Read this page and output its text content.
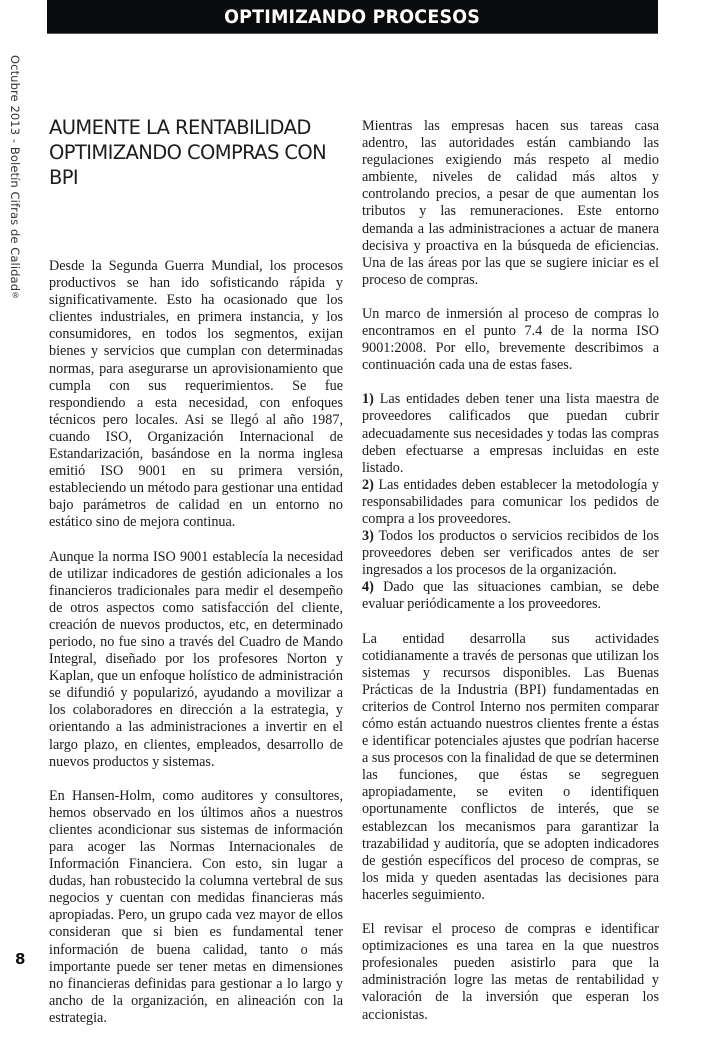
OPTIMIZANDO PROCESOS
Octubre 2013 - Boletín Cifras de Calidad®
8
AUMENTE LA RENTABILIDAD OPTIMIZANDO COMPRAS CON BPI

Desde la Segunda Guerra Mundial, los procesos productivos se han ido sofisticando rápida y significativamente. Esto ha ocasionado que los clientes industriales, en primera instancia, y los consumidores, en todos los segmentos, exijan bienes y servicios que cumplan con determinadas normas, para asegurarse un aprovisionamiento que cumpla con sus requerimientos. Se fue respondiendo a esta necesidad, con enfoques técnicos pero locales. Asi se llegó al año 1987, cuando ISO, Organización Internacional de Estandarización, basándose en la norma inglesa emitió ISO 9001 en su primera versión, estableciendo un método para gestionar una entidad bajo parámetros de calidad en un entorno no estático sino de mejora continua.

Aunque la norma ISO 9001 establecía la necesidad de utilizar indicadores de gestión adicionales a los financieros tradicionales para medir el desempeño de otros aspectos como satisfacción del cliente, creación de nuevos productos, etc, en determinado periodo, no fue sino a través del Cuadro de Mando Integral, diseñado por los profesores Norton y Kaplan, que un enfoque holístico de administración se difundió y popularizó, ayudando a movilizar a los colaboradores en dirección a la estrategia, y orientando a las administraciones a invertir en el largo plazo, en clientes, empleados, desarrollo de nuevos productos y sistemas.

En Hansen-Holm, como auditores y consultores, hemos observado en los últimos años a nuestros clientes acondicionar sus sistemas de información para acoger las Normas Internacionales de Información Financiera. Con esto, sin lugar a dudas, han robustecido la columna vertebral de sus negocios y cuentan con medidas financieras más apropiadas. Pero, un grupo cada vez mayor de ellos consideran que si bien es fundamental tener información de buena calidad, tanto o más importante puede ser tener metas en dimensiones no financieras definidas para gestionar a lo largo y ancho de la organización, en alineación con la estrategia.

Mientras las empresas hacen sus tareas casa adentro, las autoridades están cambiando las regulaciones exigiendo más respeto al medio ambiente, niveles de calidad más altos y controlando precios, a pesar de que aumentan los tributos y las remuneraciones. Este entorno demanda a las administraciones a actuar de manera decisiva y proactiva en la búsqueda de eficiencias. Una de las áreas por las que se sugiere iniciar es el proceso de compras.

Un marco de inmersión al proceso de compras lo encontramos en el punto 7.4 de la norma ISO 9001:2008. Por ello, brevemente describimos a continuación cada una de estas fases.

1) Las entidades deben tener una lista maestra de proveedores calificados que puedan cubrir adecuadamente sus necesidades y todas las compras deben efectuarse a empresas incluidas en este listado.
2) Las entidades deben establecer la metodología y responsabilidades para comunicar los pedidos de compra a los proveedores.
3) Todos los productos o servicios recibidos de los proveedores deben ser verificados antes de ser ingresados a los procesos de la organización.
4) Dado que las situaciones cambian, se debe evaluar periódicamente a los proveedores.

La entidad desarrolla sus actividades cotidianamente a través de personas que utilizan los sistemas y recursos disponibles. Las Buenas Prácticas de la Industria (BPI) fundamentadas en criterios de Control Interno nos permiten comparar cómo están actuando nuestros clientes frente a éstas e identificar potenciales ajustes que podrían hacerse a sus procesos con la finalidad de que se determinen las funciones, que éstas se segreguen apropiadamente, se eviten o identifiquen oportunamente conflictos de interés, que se establezcan los mecanismos para garantizar la trazabilidad y auditoría, que se adopten indicadores de gestión específicos del proceso de compras, se los mida y queden asentadas las decisiones para hacerles seguimiento.

El revisar el proceso de compras e identificar optimizaciones es una tarea en la que nuestros profesionales pueden asistirlo para que la administración logre las metas de rentabilidad y valoración de la inversión que esperan los accionistas.
